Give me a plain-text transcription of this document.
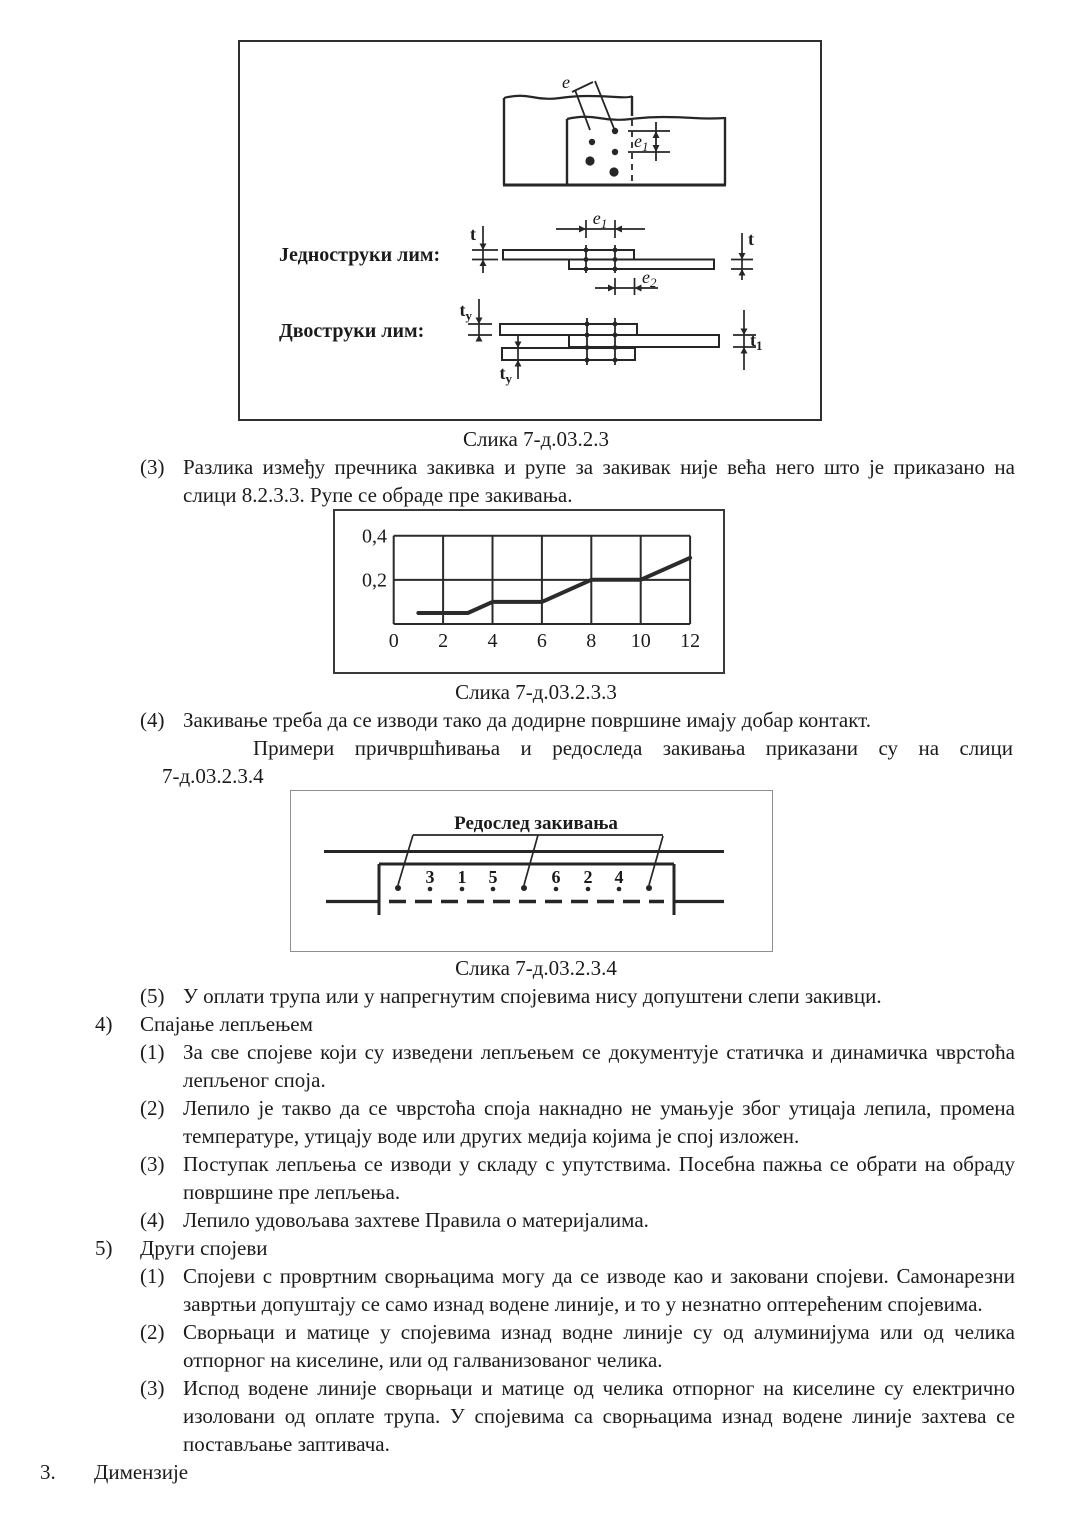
e
$e_1$
Једноструки лим:
t
$e_1$
$e_2$
t
Двоструки лим:
$t_y$
$t_y$
$t_1$
Слика 7-д.03.2.3
(3) Разлика између пречника закивка и рупе за закивак није већа него што је приказано на слици 8.2.3.3. Рупе се обраде пре закивања.
0,4
0,2
0 2 4 6 8 10 12
Слика 7-д.03.2.3.3
(4) Закивање треба да се изводи тако да додирне површине имају добар контакт.
Примери причвршћивања и редоследа закивања приказани су на слици
7-д.03.2.3.4
Редослед закивања
3 1 5	6 2 4
Слика 7-д.03.2.3.4
(5) У оплати трупа или у напрегнутим спојевима нису допуштени слепи закивци.
4)	Спајање лепљењем
(1) За све спојеве који су изведени лепљењем се документује статичка и динамичка чврстоћа лепљеног споја.
(2) Лепило је такво да се чврстоћа споја накнадно не умањује због утицаја лепила, промена температуре, утицају воде или других медија којима је спој изложен.
(3) Поступак лепљења се изводи у складу с упутствима. Посебна пажња се обрати на обраду површине пре лепљења.
(4) Лепило удовољава захтеве Правила о материјалима.
5)	Други спојеви
(1) Спојеви с провртним сворњацима могу да се изводе као и заковани спојеви. Самонарезни завртњи допуштају се само изнад водене линије, и то у незнатно оптерећеним спојевима.
(2) Сворњаци и матице у спојевима изнад водне линије су од алуминијума или од челика отпорног на киселине, или од галванизованог челика.
(3) Испод водене линије сворњаци и матице од челика отпорног на киселине су електрично изоловани од оплате трупа. У спојевима са сворњацима изнад водене линије захтева се постављање заптивача.
3.	Димензије
